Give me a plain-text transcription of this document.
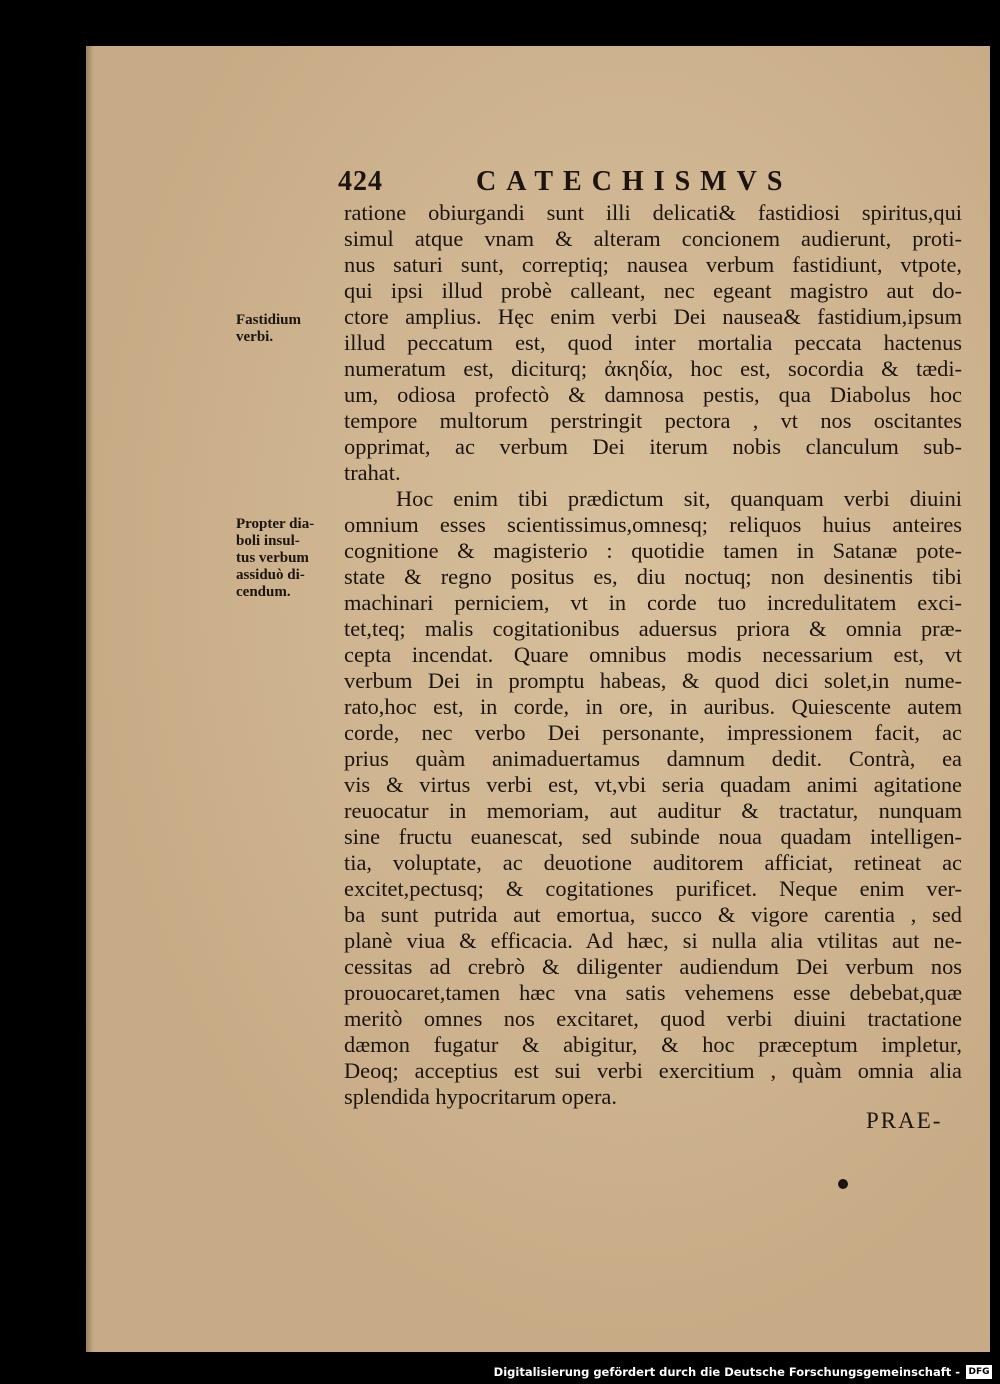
424	CATECHISMVS
Fastidium
verbi.
Propter dia-
boli insul-
tus verbum
assiduò di-
cendum.
ratione obiurgandi sunt illi delicati& fastidiosi spiritus,qui
simul atque vnam & alteram concionem audierunt, proti-
nus saturi sunt, correptiq; nausea verbum fastidiunt, vtpote,
qui ipsi illud probè calleant, nec egeant magistro aut do-
ctore amplius. Hęc enim verbi Dei nausea& fastidium,ipsum
illud peccatum est, quod inter mortalia peccata hactenus
numeratum est, diciturq; ἀκηδία, hoc est, socordia & tædi-
um, odiosa profectò & damnosa pestis, qua Diabolus hoc
tempore multorum perstringit pectora , vt nos oscitantes
opprimat, ac verbum Dei iterum nobis clanculum sub-
trahat.
Hoc enim tibi prædictum sit, quanquam verbi diuini
omnium esses scientissimus,omnesq; reliquos huius anteires
cognitione & magisterio : quotidie tamen in Satanæ pote-
state & regno positus es, diu noctuq; non desinentis tibi
machinari perniciem, vt in corde tuo incredulitatem exci-
tet,teq; malis cogitationibus aduersus priora & omnia præ-
cepta incendat. Quare omnibus modis necessarium est, vt
verbum Dei in promptu habeas, & quod dici solet,in nume-
rato,hoc est, in corde, in ore, in auribus. Quiescente autem
corde, nec verbo Dei personante, impressionem facit, ac
prius quàm animaduertamus damnum dedit. Contrà, ea
vis & virtus verbi est, vt,vbi seria quadam animi agitatione
reuocatur in memoriam, aut auditur & tractatur, nunquam
sine fructu euanescat, sed subinde noua quadam intelligen-
tia, voluptate, ac deuotione auditorem afficiat, retineat ac
excitet,pectusq; & cogitationes purificet. Neque enim ver-
ba sunt putrida aut emortua, succo & vigore carentia , sed
planè viua & efficacia. Ad hæc, si nulla alia vtilitas aut ne-
cessitas ad crebrò & diligenter audiendum Dei verbum nos
prouocaret,tamen hæc vna satis vehemens esse debebat,quæ
meritò omnes nos excitaret, quod verbi diuini tractatione
dæmon fugatur & abigitur, & hoc præceptum impletur,
Deoq; acceptius est sui verbi exercitium , quàm omnia alia
splendida hypocritarum opera.
PRAE-
Digitalisierung gefördert durch die Deutsche Forschungsgemeinschaft - DFG
